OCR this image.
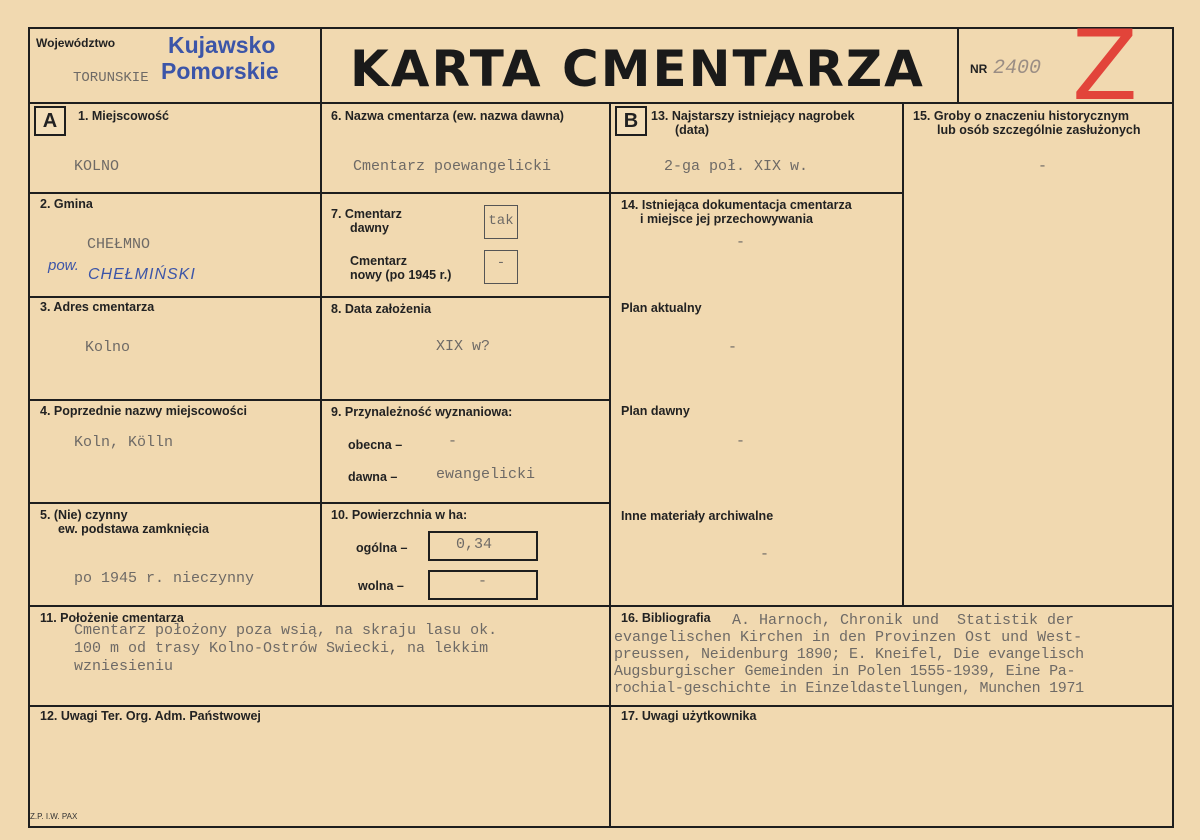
Województwo
TORUNSKIE
Kujawsko
Pomorskie KARTA CMENTARZA	NR 2400 Z
A	1. Miejscowość
KOLNO
2. Gmina
CHEŁMNO
pow.
CHEŁMIŃSKI
3. Adres cmentarza
Kolno
4. Poprzednie nazwy miejscowości
Koln, Kölln
5. (Nie) czynny
ew. podstawa zamknięcia
po 1945 r. nieczynny
6. Nazwa cmentarza (ew. nazwa dawna)
Cmentarz poewangelicki
7. Cmentarz
dawny	tak
Cmentarz
nowy (po 1945 r.)
-
8. Data założenia
XIX w?
9. Przynależność wyznaniowa:
obecna –	-
dawna –	ewangelicki
10. Powierzchnia w ha:
ogólna –	0,34
wolna –	-
B	13. Najstarszy istniejący nagrobek
(data)
2-ga poł. XIX w.
14. Istniejąca dokumentacja cmentarza
i miejsce jej przechowywania
-
Plan aktualny
-
Plan dawny
-
Inne materiały archiwalne
-
15. Groby o znaczeniu historycznym
lub osób szczególnie zasłużonych
-
11. Położenie cmentarza
Cmentarz położony poza wsią, na skraju lasu ok.
100 m od trasy Kolno-Ostrów Swiecki, na lekkim
wzniesieniu
16. Bibliografia A. Harnoch, Chronik und  Statistik der
evangelischen Kirchen in den Provinzen Ost und West-
preussen, Neidenburg 1890; E. Kneifel, Die evangelisch
Augsburgischer Gemeinden in Polen 1555-1939, Eine Pa-
rochial-geschichte in Einzeldastellungen, Munchen 1971
12. Uwagi Ter. Org. Adm. Państwowej	17. Uwagi użytkownika
Z.P. I.W. PAX
